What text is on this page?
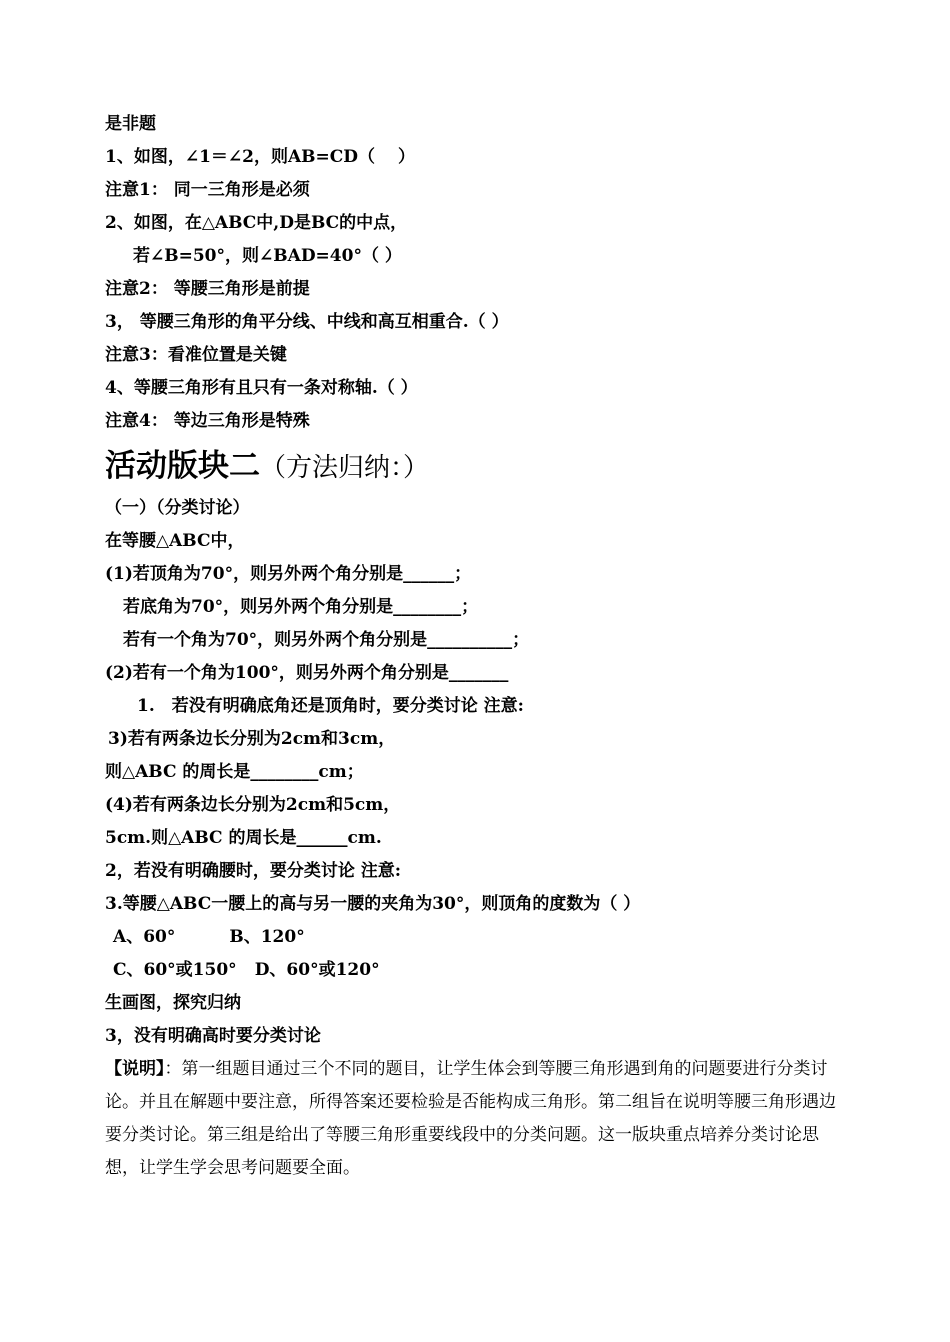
是非题
1、如图，∠1＝∠2，则AB=CD（　 ）
注意1： 同一三角形是必须
2、如图，在△ABC中,D是BC的中点，
若∠B=50°，则∠BAD=40°（ ）
注意2： 等腰三角形是前提
3， 等腰三角形的角平分线、中线和高互相重合.（ ）
注意3：看准位置是关键
4、等腰三角形有且只有一条对称轴.（ ）
注意4： 等边三角形是特殊
活动版块二（方法归纳：）
（一）（分类讨论）
在等腰△ABC中，
(1)若顶角为70°，则另外两个角分别是______；
若底角为70°，则另外两个角分别是________；
若有一个角为70°，则另外两个角分别是__________；
(2)若有一个角为100°，则另外两个角分别是_______
1.　若没有明确底角还是顶角时，要分类讨论 注意:
3)若有两条边长分别为2cm和3cm，
则△ABC 的周长是________cm；
(4)若有两条边长分别为2cm和5cm，
5cm.则△ABC 的周长是______cm.
2，若没有明确腰时，要分类讨论 注意:
3.等腰△ABC一腰上的高与另一腰的夹角为30°，则顶角的度数为（ ）
A、60°	B、120°
C、60°或150° D、60°或120°
生画图，探究归纳
3，没有明确高时要分类讨论
【说明】：第一组题目通过三个不同的题目，让学生体会到等腰三角形遇到角的问题要进行分类讨论。并且在解题中要注意，所得答案还要检验是否能构成三角形。第二组旨在说明等腰三角形遇边要分类讨论。第三组是给出了等腰三角形重要线段中的分类问题。这一版块重点培养分类讨论思想，让学生学会思考问题要全面。
